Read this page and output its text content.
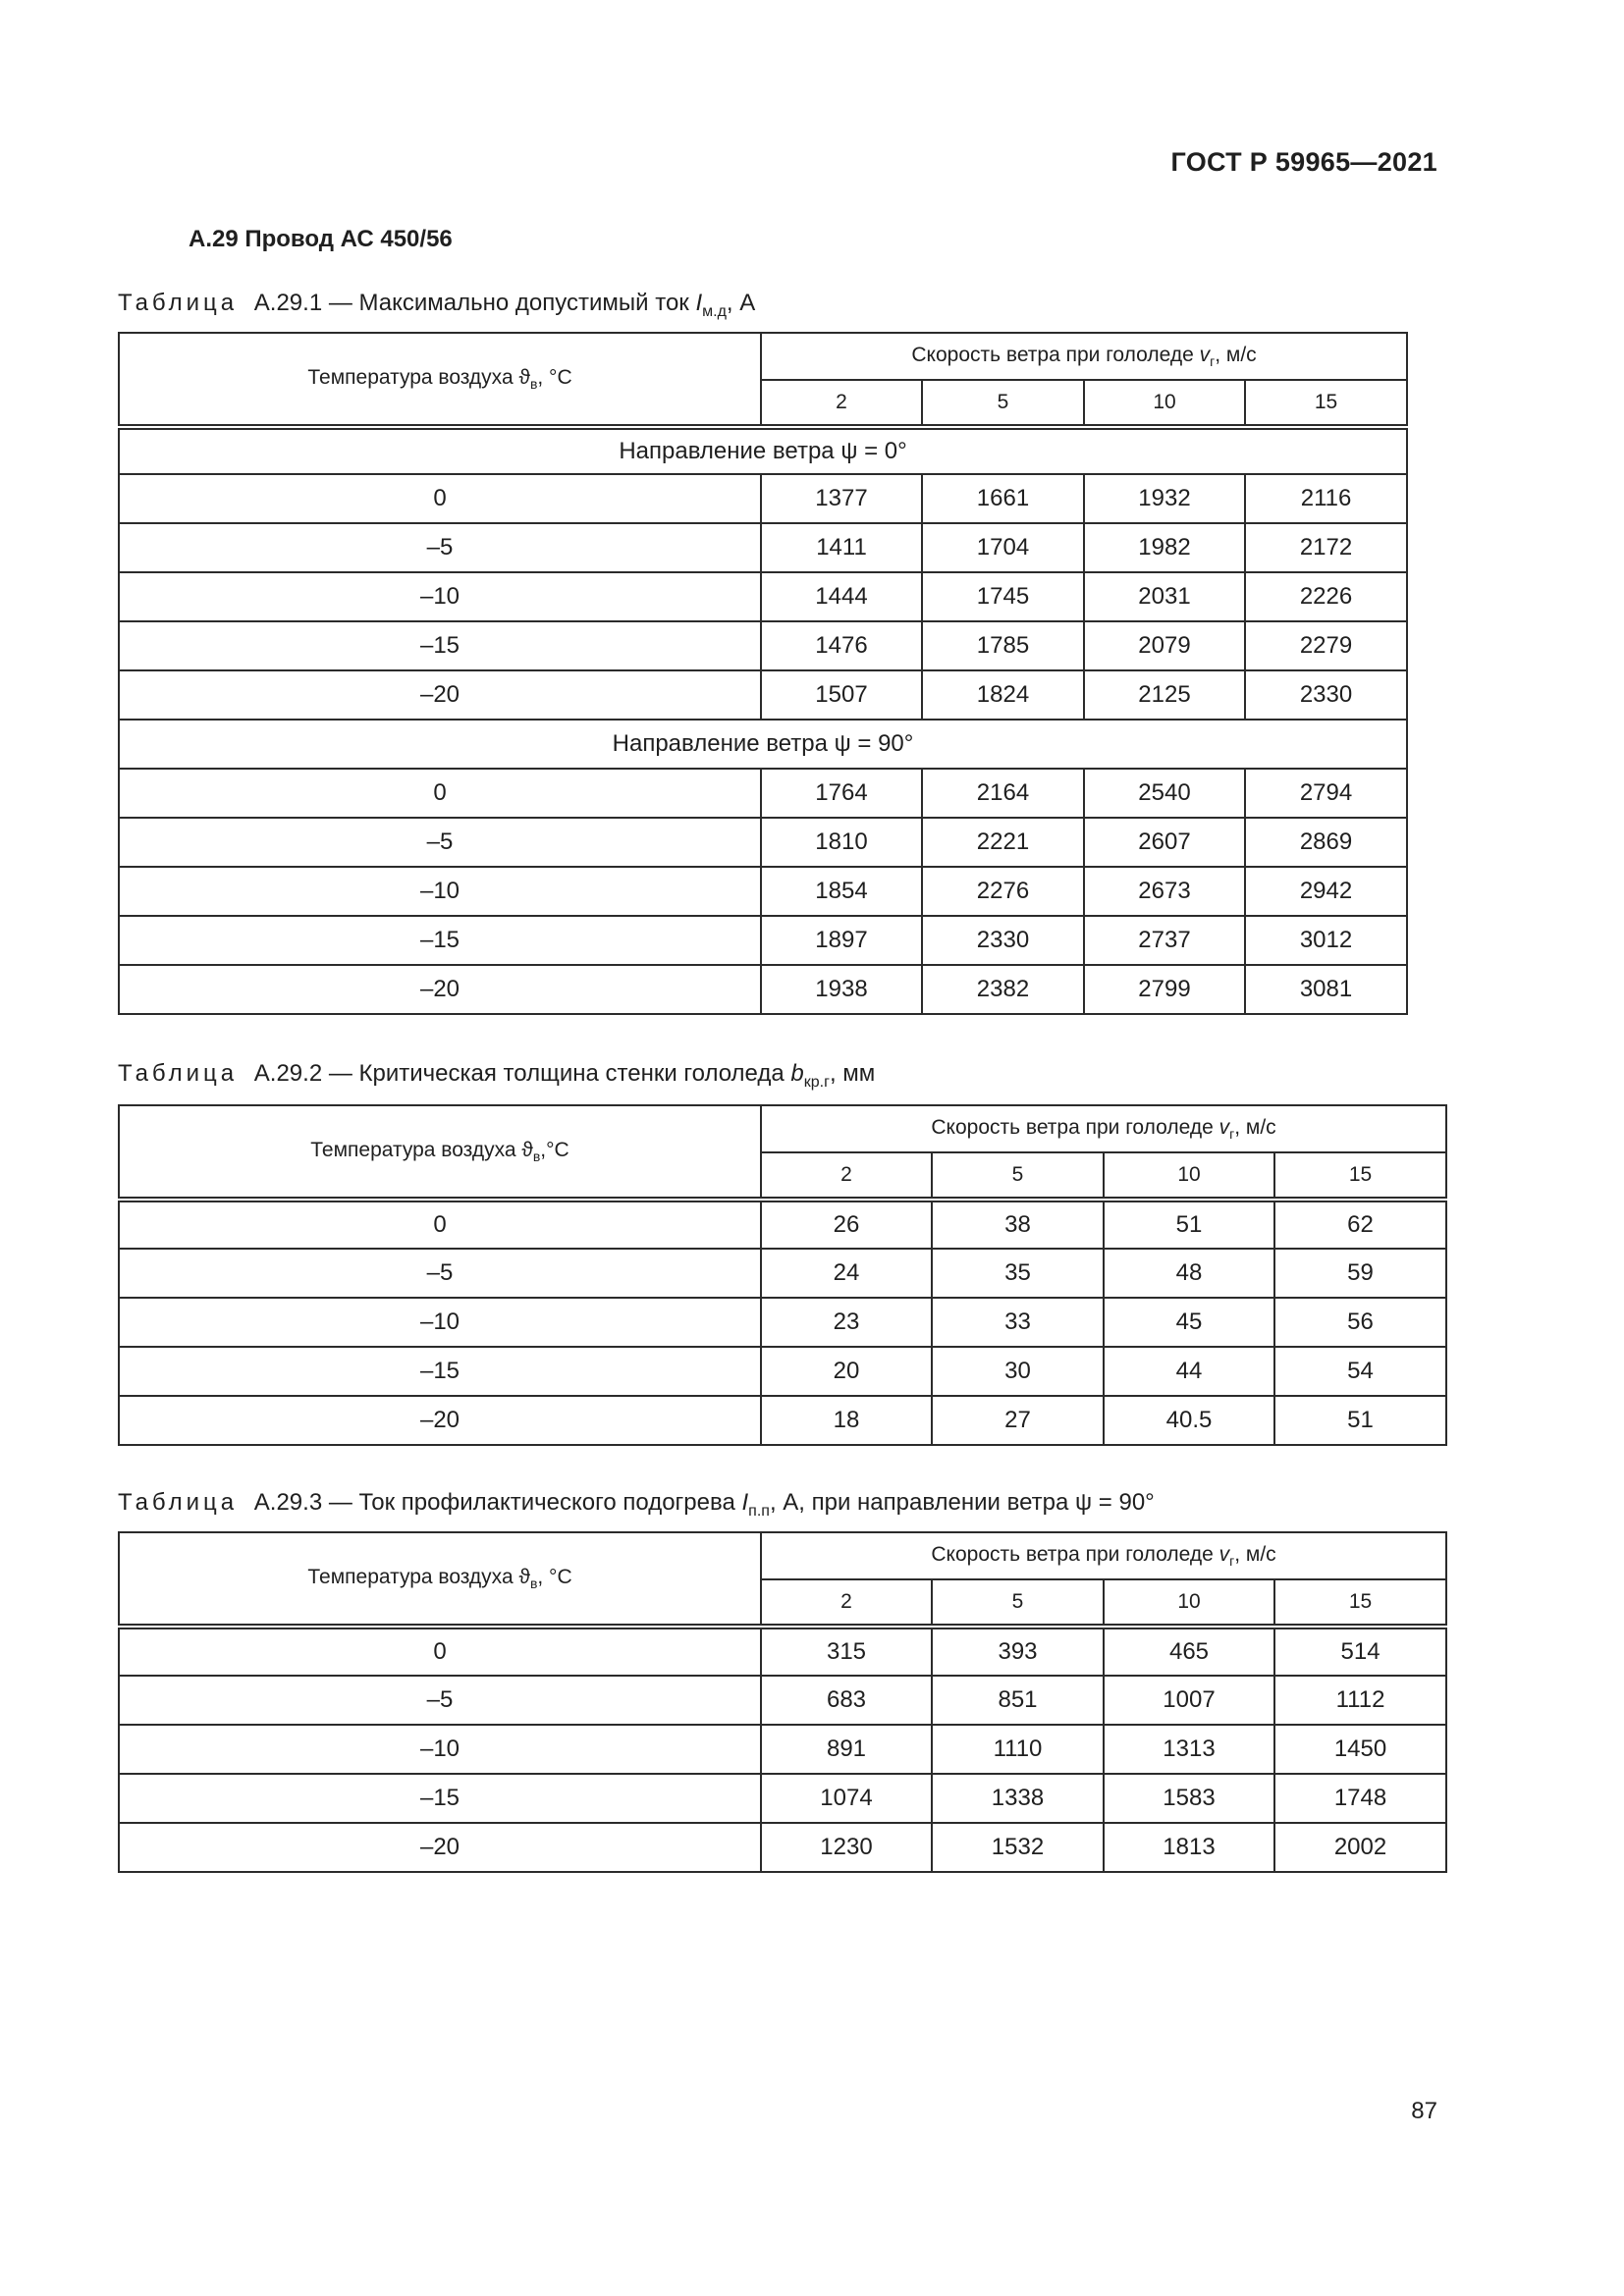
ГОСТ Р 59965—2021
А.29 Провод АС 450/56
Таблица А.29.1 — Максимально допустимый ток $I_{м.д}$, А
Температура воздуха $ϑ_в$, °С	Скорость ветра при гололеде $v_г$, м/с			
	2	5	10	15
Направление ветра ψ = 0°				
0	1377	1661	1932	2116
–5	1411	1704	1982	2172
–10	1444	1745	2031	2226
–15	1476	1785	2079	2279
–20	1507	1824	2125	2330
Направление ветра ψ = 90°				
0	1764	2164	2540	2794
–5	1810	2221	2607	2869
–10	1854	2276	2673	2942
–15	1897	2330	2737	3012
–20	1938	2382	2799	3081
Таблица А.29.2 — Критическая толщина стенки гололеда $b_{кр.г}$, мм
Температура воздуха $ϑ_в,^\circ С$	Скорость ветра при гололеде $v_г$, м/с			
	2	5	10	15
0	26	38	51	62
–5	24	35	48	59
–10	23	33	45	56
–15	20	30	44	54
–20	18	27	40.5	51
Таблица А.29.3 — Ток профилактического подогрева $I_{п.п}$, А, при направлении ветра ψ = 90°
Температура воздуха $ϑ_в$, °С	Скорость ветра при гололеде $v_г$, м/с			
	2	5	10	15
0	315	393	465	514
–5	683	851	1007	1112
–10	891	1110	1313	1450
–15	1074	1338	1583	1748
–20	1230	1532	1813	2002
87
